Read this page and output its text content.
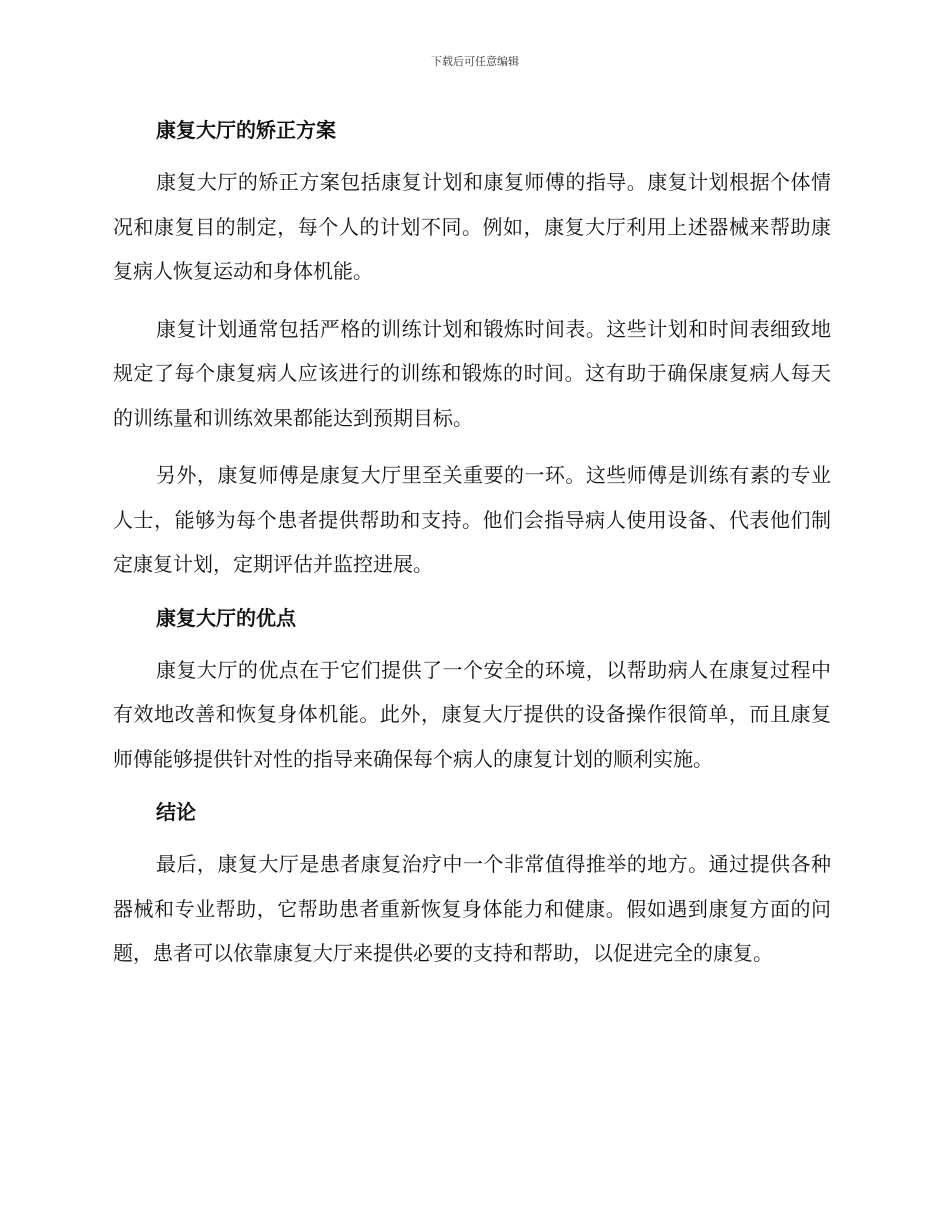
下载后可任意编辑
康复大厅的矫正方案

康复大厅的矫正方案包括康复计划和康复师傅的指导。康复计划根据个体情况和康复目的制定，每个人的计划不同。例如，康复大厅利用上述器械来帮助康复病人恢复运动和身体机能。

康复计划通常包括严格的训练计划和锻炼时间表。这些计划和时间表细致地规定了每个康复病人应该进行的训练和锻炼的时间。这有助于确保康复病人每天的训练量和训练效果都能达到预期目标。

另外，康复师傅是康复大厅里至关重要的一环。这些师傅是训练有素的专业人士，能够为每个患者提供帮助和支持。他们会指导病人使用设备、代表他们制定康复计划，定期评估并监控进展。

康复大厅的优点

康复大厅的优点在于它们提供了一个安全的环境，以帮助病人在康复过程中有效地改善和恢复身体机能。此外，康复大厅提供的设备操作很简单，而且康复师傅能够提供针对性的指导来确保每个病人的康复计划的顺利实施。

结论

最后，康复大厅是患者康复治疗中一个非常值得推举的地方。通过提供各种器械和专业帮助，它帮助患者重新恢复身体能力和健康。假如遇到康复方面的问题，患者可以依靠康复大厅来提供必要的支持和帮助，以促进完全的康复。
